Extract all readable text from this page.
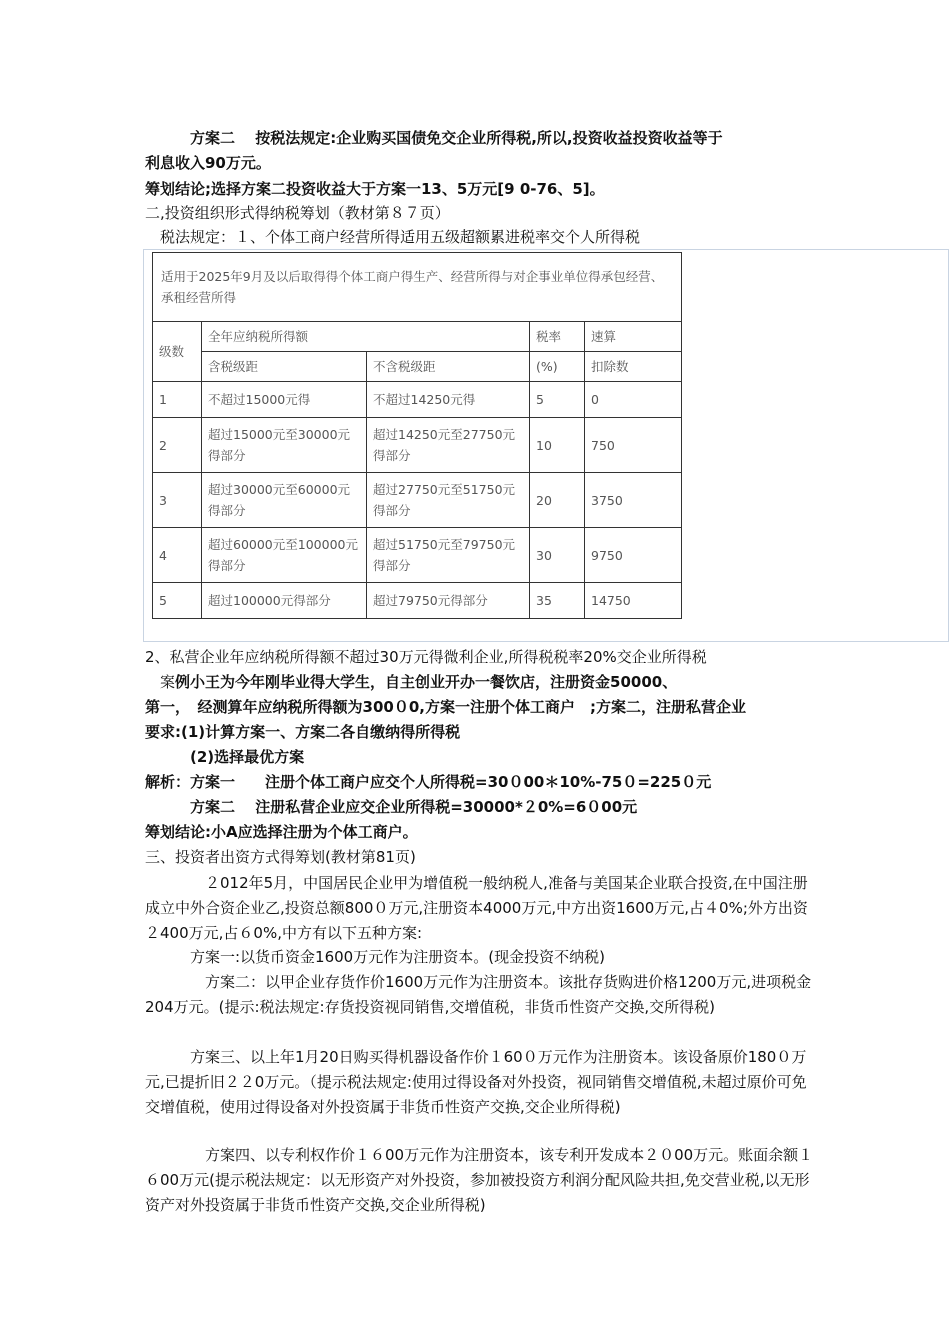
　　　方案二　 按税法规定:企业购买国债免交企业所得税,所以,投资收益投资收益等于
利息收入90万元。
筹划结论;选择方案二投资收益大于方案一13、5万元[9 0-76、5]。
二,投资组织形式得纳税筹划（教材第８７页）
　税法规定：１、个体工商户经营所得适用五级超额累进税率交个人所得税
适用于2025年9月及以后取得得个体工商户得生产、经营所得与对企事业单位得承包经营、承租经营所得				
级数	全年应纳税所得额		税率	速算
	含税级距	不含税级距	(%)	扣除数
1	不超过15000元得	不超过14250元得	5	0
2	超过15000元至30000元得部分	超过14250元至27750元得部分	10	750
3	超过30000元至60000元得部分	超过27750元至51750元得部分	20	3750
4	超过60000元至100000元得部分	超过51750元至79750元得部分	30	9750
5	超过100000元得部分	超过79750元得部分	35	14750
2、私营企业年应纳税所得额不超过30万元得微利企业,所得税税率20%交企业所得税
　案例小王为今年刚毕业得大学生，自主创业开办一餐饮店，注册资金50000、
第一，　经测算年应纳税所得额为300０0,方案一注册个体工商户　;方案二，注册私营企业
要求:(1)计算方案一、方案二各自缴纳得所得税
　　　(2)选择最优方案
解析：方案一　　注册个体工商户应交个人所得税=30０00＊10%-75０=225０元
　　　方案二　 注册私营企业应交企业所得税=30000*２0%=6０00元
筹划结论:小A应选择注册为个体工商户。
三、投资者出资方式得筹划(教材第81页)
　　　　２012年5月，中国居民企业甲为增值税一般纳税人,准备与美国某企业联合投资,在中国注册成立中外合资企业乙,投资总额800０万元,注册资本4000万元,中方出资1600万元,占４0%;外方出资２400万元,占６0%,中方有以下五种方案:
　　　方案一:以货币资金1600万元作为注册资本。(现金投资不纳税)
　　　　方案二：以甲企业存货作价1600万元作为注册资本。该批存货购进价格1200万元,进项税金204万元。(提示:税法规定:存货投资视同销售,交增值税，非货币性资产交换,交所得税)
　　　方案三、以上年1月20日购买得机器设备作价１60０万元作为注册资本。该设备原价180０万元,已提折旧２２0万元。（提示税法规定:使用过得设备对外投资，视同销售交增值税,未超过原价可免交增值税，使用过得设备对外投资属于非货币性资产交换,交企业所得税)
　　　　方案四、以专利权作价１６00万元作为注册资本，该专利开发成本２０00万元。账面余额１６00万元(提示税法规定：以无形资产对外投资，参加被投资方利润分配风险共担,免交营业税,以无形资产对外投资属于非货币性资产交换,交企业所得税)
